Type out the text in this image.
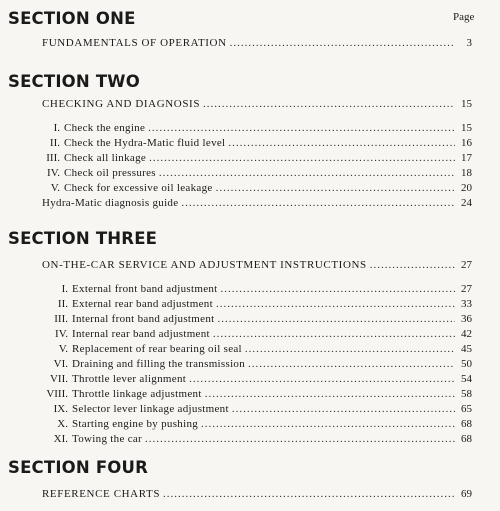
SECTION ONE	Page
FUNDAMENTALS OF OPERATION .....	3
SECTION TWO
CHECKING AND DIAGNOSIS .....	15
I. Check the engine .....	15
II. Check the Hydra-Matic fluid level .....	16
III. Check all linkage .....	17
IV. Check oil pressures .....	18
V. Check for excessive oil leakage .....	20
Hydra-Matic diagnosis guide .....	24
SECTION THREE
ON-THE-CAR SERVICE AND ADJUSTMENT INSTRUCTIONS .....	27
I. External front band adjustment .....	27
II. External rear band adjustment .....	33
III. Internal front band adjustment .....	36
IV. Internal rear band adjustment .....	42
V. Replacement of rear bearing oil seal .....	45
VI. Draining and filling the transmission .....	50
VII. Throttle lever alignment .....	54
VIII. Throttle linkage adjustment .....	58
IX. Selector lever linkage adjustment .....	65
X. Starting engine by pushing .....	68
XI. Towing the car .....	68
SECTION FOUR
REFERENCE CHARTS .....	69
